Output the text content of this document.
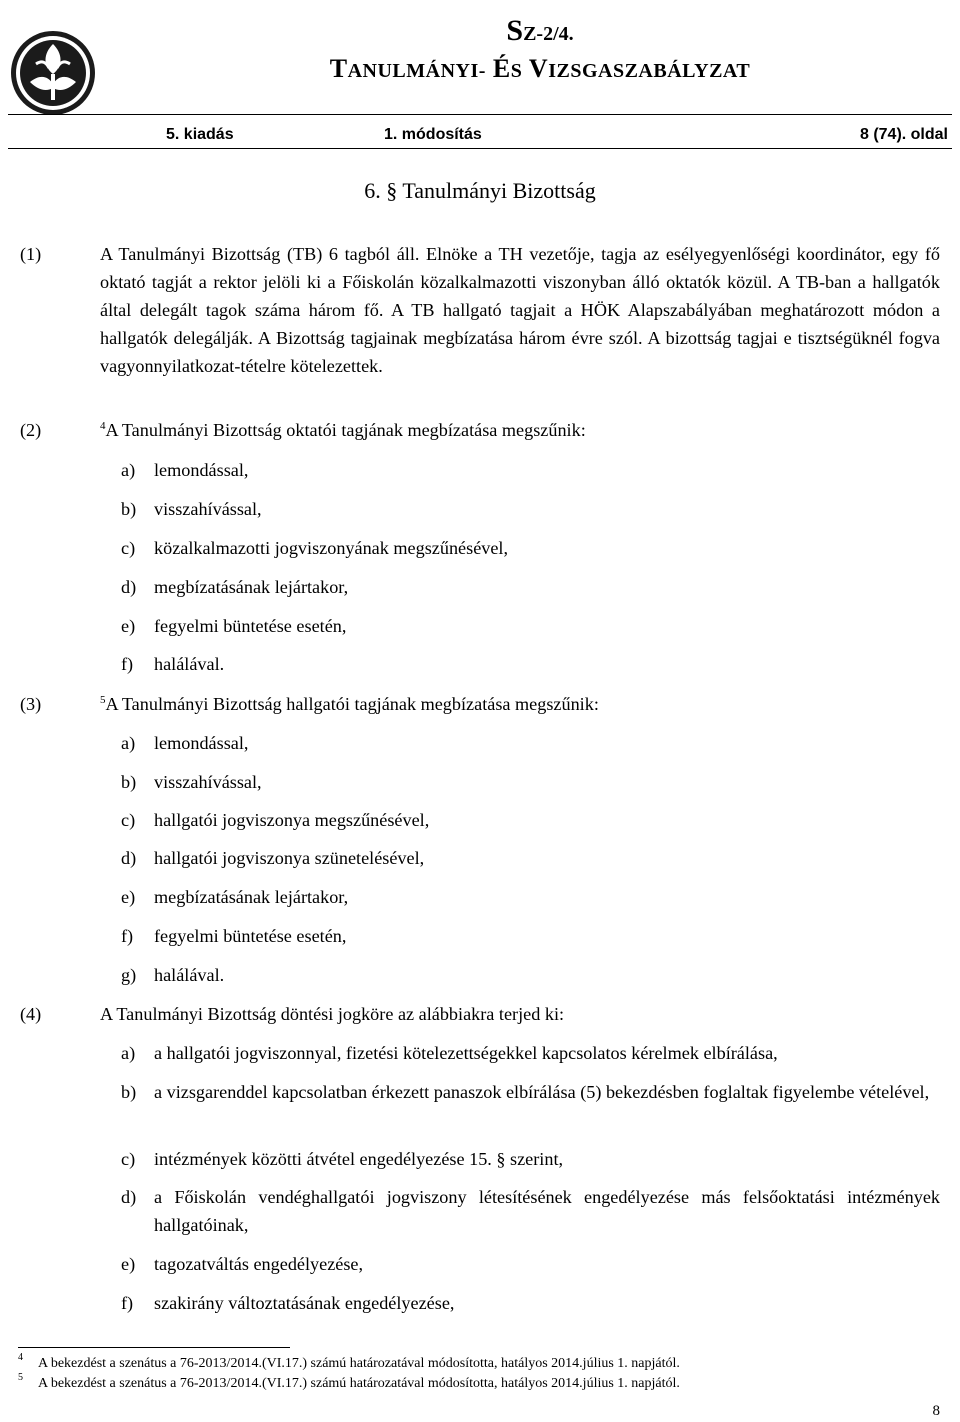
SZ-2/4.
TANULMÁNYI- ÉS VIZSGASZABÁLYZAT
5. kiadás	1. módosítás	8 (74). oldal
6. § Tanulmányi Bizottság
(1)	A Tanulmányi Bizottság (TB) 6 tagból áll. Elnöke a TH vezetője, tagja az esélyegyenlőségi koordinátor, egy fő oktató tagját a rektor jelöli ki a Főiskolán közalkalmazotti viszonyban álló oktatók közül. A TB-ban a hallgatók által delegált tagok száma három fő. A TB hallgató tagjait a HÖK Alapszabályában meghatározott módon a hallgatók delegálják. A Bizottság tagjainak megbízatása három évre szól. A bizottság tagjai e tisztségüknél fogva vagyonnyilatkozat-tételre kötelezettek.
(2)	$^4$A Tanulmányi Bizottság oktatói tagjának megbízatása megszűnik:
a) lemondással,
b) visszahívással,
c) közalkalmazotti jogviszonyának megszűnésével,
d) megbízatásának lejártakor,
e) fegyelmi büntetése esetén,
f) halálával.
(3)	$^5$A Tanulmányi Bizottság hallgatói tagjának megbízatása megszűnik:
a) lemondással,
b) visszahívással,
c) hallgatói jogviszonya megszűnésével,
d) hallgatói jogviszonya szünetelésével,
e) megbízatásának lejártakor,
f) fegyelmi büntetése esetén,
g) halálával.
(4)	A Tanulmányi Bizottság döntési jogköre az alábbiakra terjed ki:
a) a hallgatói jogviszonnyal, fizetési kötelezettségekkel kapcsolatos kérelmek elbírálása,
b) a vizsgarenddel kapcsolatban érkezett panaszok elbírálása (5) bekezdésben foglaltak figyelembe vételével,
c) intézmények közötti átvétel engedélyezése 15. § szerint,
d) a Főiskolán vendéghallgatói jogviszony létesítésének engedélyezése más felsőoktatási intézmények hallgatóinak,
e) tagozatváltás engedélyezése,
f) szakirány változtatásának engedélyezése,
4 A bekezdést a szenátus a 76-2013/2014.(VI.17.) számú határozatával módosította, hatályos 2014.július 1. napjától.
5 A bekezdést a szenátus a 76-2013/2014.(VI.17.) számú határozatával módosította, hatályos 2014.július 1. napjától.
8
